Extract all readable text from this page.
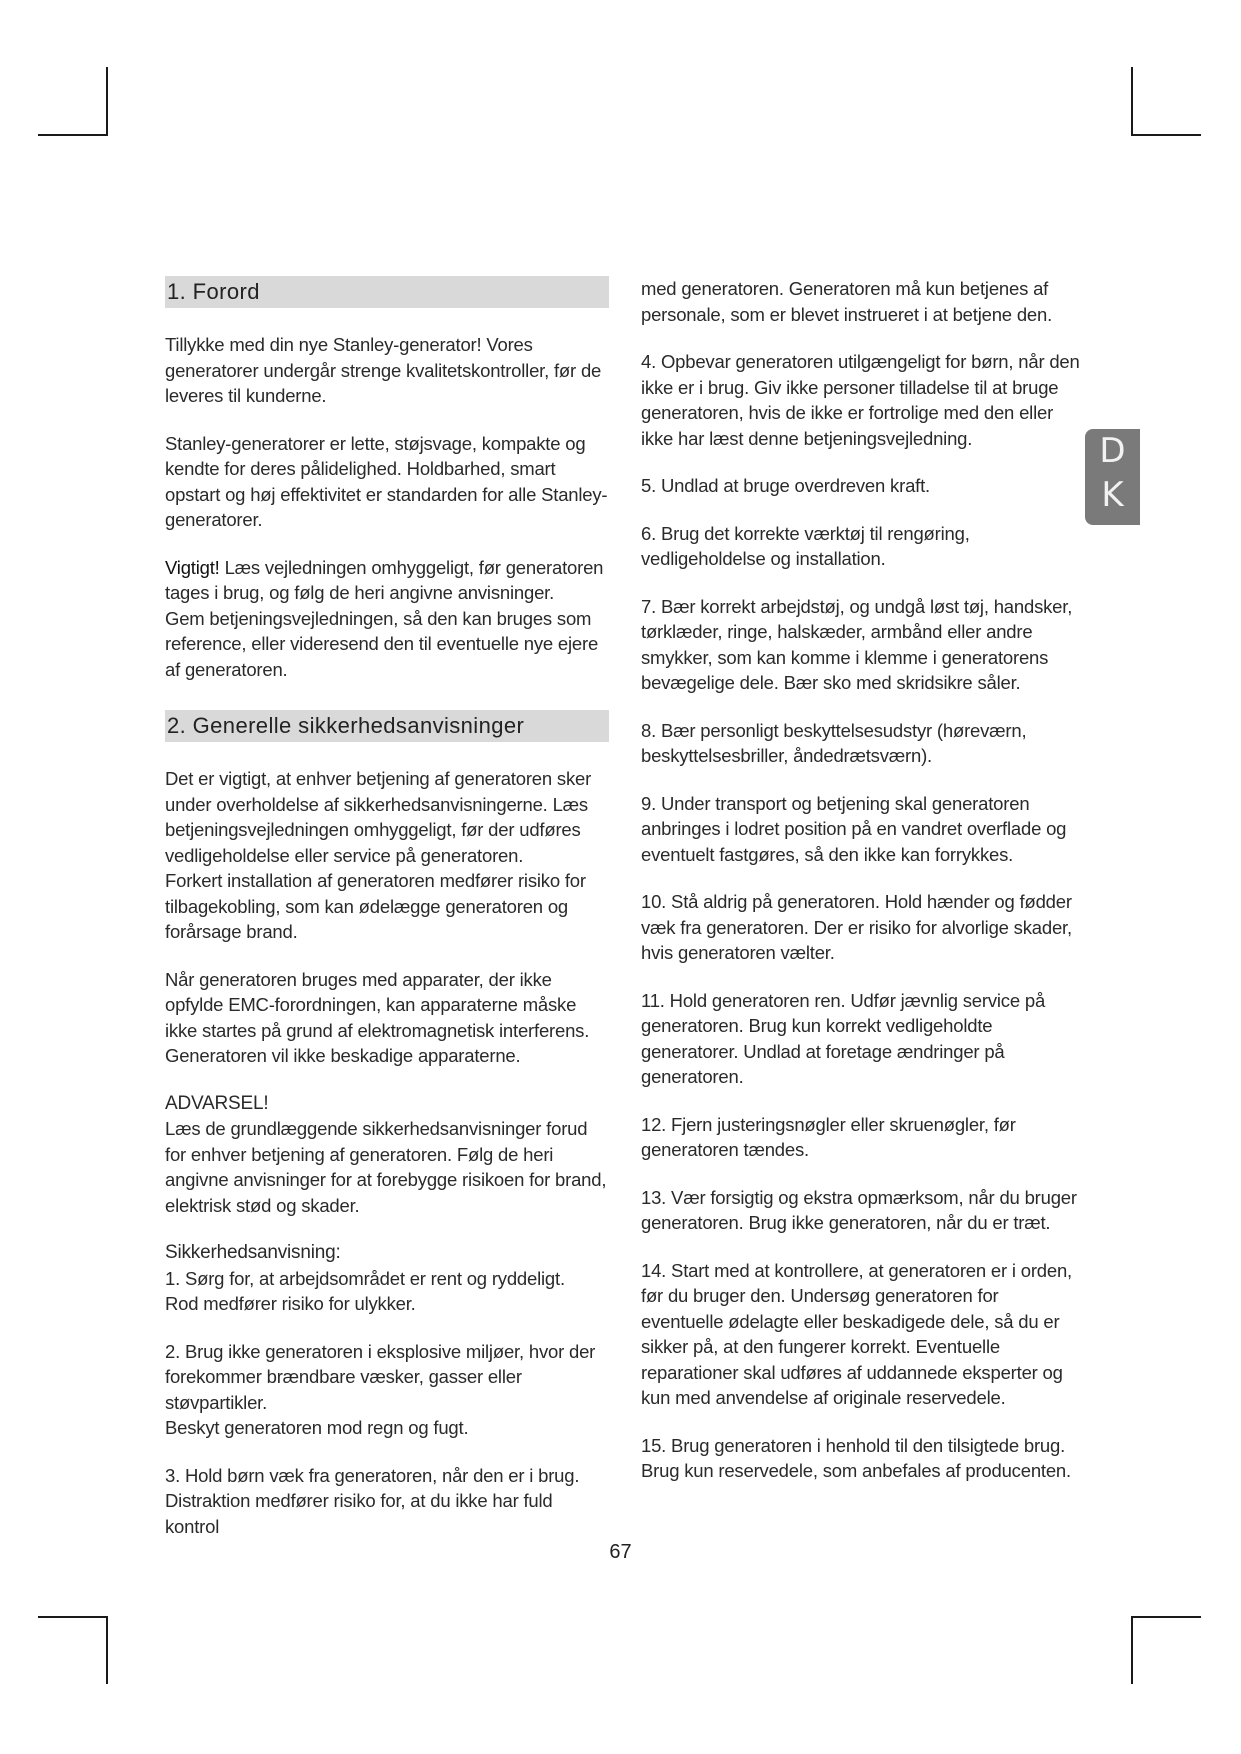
1. Forord

Tillykke med din nye Stanley-generator! Vores generatorer undergår strenge kvalitetskontroller, før de leveres til kunderne.

Stanley-generatorer er lette, støjsvage, kompakte og kendte for deres pålidelighed. Holdbarhed, smart opstart og høj effektivitet er standarden for alle Stanley-generatorer.

Vigtigt! Læs vejledningen omhyggeligt, før generatoren tages i brug, og følg de heri angivne anvisninger.
Gem betjeningsvejledningen, så den kan bruges som reference, eller videresend den til eventuelle nye ejere af generatoren.

2. Generelle sikkerhedsanvisninger

Det er vigtigt, at enhver betjening af generatoren sker under overholdelse af sikkerhedsanvisningerne. Læs betjeningsvejledningen omhyggeligt, før der udføres vedligeholdelse eller service på generatoren.
Forkert installation af generatoren medfører risiko for tilbagekobling, som kan ødelægge generatoren og forårsage brand.

Når generatoren bruges med apparater, der ikke opfylde EMC-forordningen, kan apparaterne måske ikke startes på grund af elektromagnetisk interferens.
Generatoren vil ikke beskadige apparaterne.

ADVARSEL!
Læs de grundlæggende sikkerhedsanvisninger forud for enhver betjening af generatoren. Følg de heri angivne anvisninger for at forebygge risikoen for brand, elektrisk stød og skader.

Sikkerhedsanvisning:
1. Sørg for, at arbejdsområdet er rent og ryddeligt.
Rod medfører risiko for ulykker.

2. Brug ikke generatoren i eksplosive miljøer, hvor der forekommer brændbare væsker, gasser eller støvpartikler.
Beskyt generatoren mod regn og fugt.

3. Hold børn væk fra generatoren, når den er i brug.
Distraktion medfører risiko for, at du ikke har fuld kontrol

med generatoren. Generatoren må kun betjenes af personale, som er blevet instrueret i at betjene den.

4. Opbevar generatoren utilgængeligt for børn, når den ikke er i brug. Giv ikke personer tilladelse til at bruge generatoren, hvis de ikke er fortrolige med den eller ikke har læst denne betjeningsvejledning.

5. Undlad at bruge overdreven kraft.

6. Brug det korrekte værktøj til rengøring, vedligeholdelse og installation.

7. Bær korrekt arbejdstøj, og undgå løst tøj, handsker, tørklæder, ringe, halskæder, armbånd eller andre smykker, som kan komme i klemme i generatorens bevægelige dele. Bær sko med skridsikre såler.

8. Bær personligt beskyttelsesudstyr (høreværn, beskyttelsesbriller, åndedrætsværn).

9. Under transport og betjening skal generatoren anbringes i lodret position på en vandret overflade og eventuelt fastgøres, så den ikke kan forrykkes.

10. Stå aldrig på generatoren. Hold hænder og fødder væk fra generatoren. Der er risiko for alvorlige skader, hvis generatoren vælter.

11. Hold generatoren ren. Udfør jævnlig service på generatoren. Brug kun korrekt vedligeholdte generatorer. Undlad at foretage ændringer på generatoren.

12. Fjern justeringsnøgler eller skruenøgler, før generatoren tændes.

13. Vær forsigtig og ekstra opmærksom, når du bruger generatoren. Brug ikke generatoren, når du er træt.

14. Start med at kontrollere, at generatoren er i orden, før du bruger den. Undersøg generatoren for eventuelle ødelagte eller beskadigede dele, så du er sikker på, at den fungerer korrekt. Eventuelle reparationer skal udføres af uddannede eksperter og kun med anvendelse af originale reservedele.

15. Brug generatoren i henhold til den tilsigtede brug. Brug kun reservedele, som anbefales af producenten.

D
K
67
